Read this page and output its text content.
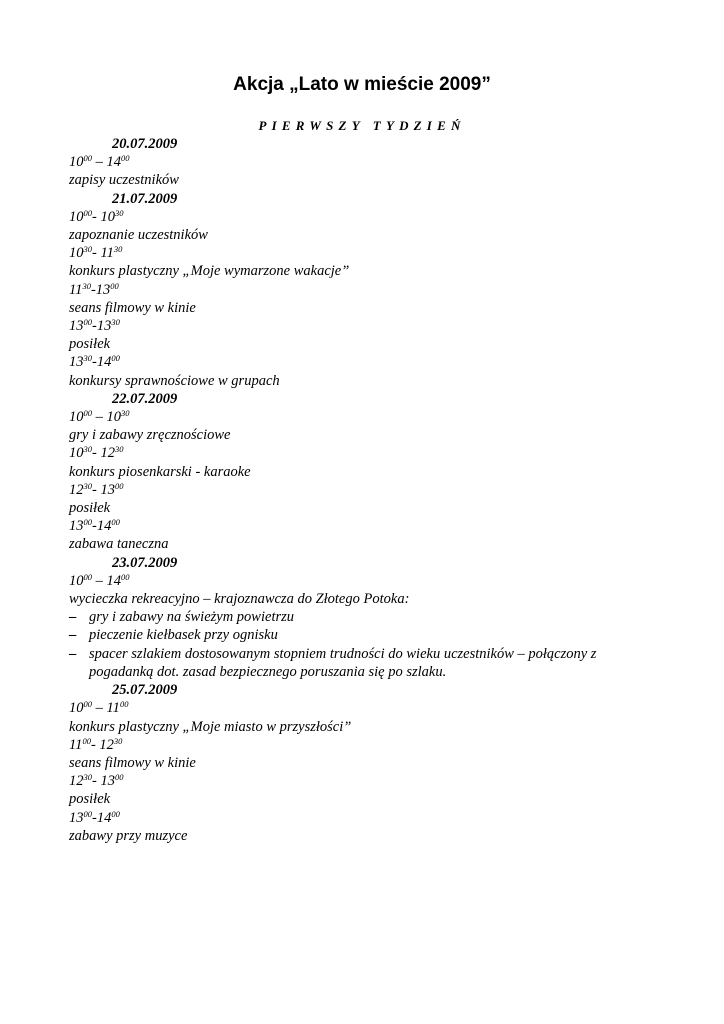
Akcja „Lato w mieście 2009”
PIERWSZY TYDZIEŃ

20.07.2009

$10^{00} - 14^{00}$

zapisy uczestników

21.07.2009

$10^{00}-$ $10^{30}$

zapoznanie uczestników

$10^{30}-$ $11^{30}$

konkurs plastyczny „Moje wymarzone wakacje”

$11^{30}-13^{00}$

seans filmowy w kinie

$13^{00}-13^{30}$

posiłek

$13^{30}-14^{00}$

konkursy sprawnościowe w grupach

22.07.2009

$10^{00} - 10^{30}$

gry i zabawy zręcznościowe

$10^{30}-$ $12^{30}$

konkurs piosenkarski - karaoke

$12^{30}-$ $13^{00}$

posiłek

$13^{00}-14^{00}$

zabawa taneczna

23.07.2009

$10^{00} - 14^{00}$

wycieczka rekreacyjno – krajoznawcza do Złotego Potoka:

– gry i zabawy na świeżym powietrzu
– pieczenie kiełbasek przy ognisku
– spacer szlakiem dostosowanym stopniem trudności do wieku uczestników – połączony z
pogadanką dot. zasad bezpiecznego poruszania się po szlaku.

25.07.2009

$10^{00} - 11^{00}$

konkurs plastyczny „Moje miasto w przyszłości”

$11^{00}-$ $12^{30}$

seans filmowy w kinie

$12^{30}-$ $13^{00}$

posiłek

$13^{00}-14^{00}$

zabawy przy muzyce
